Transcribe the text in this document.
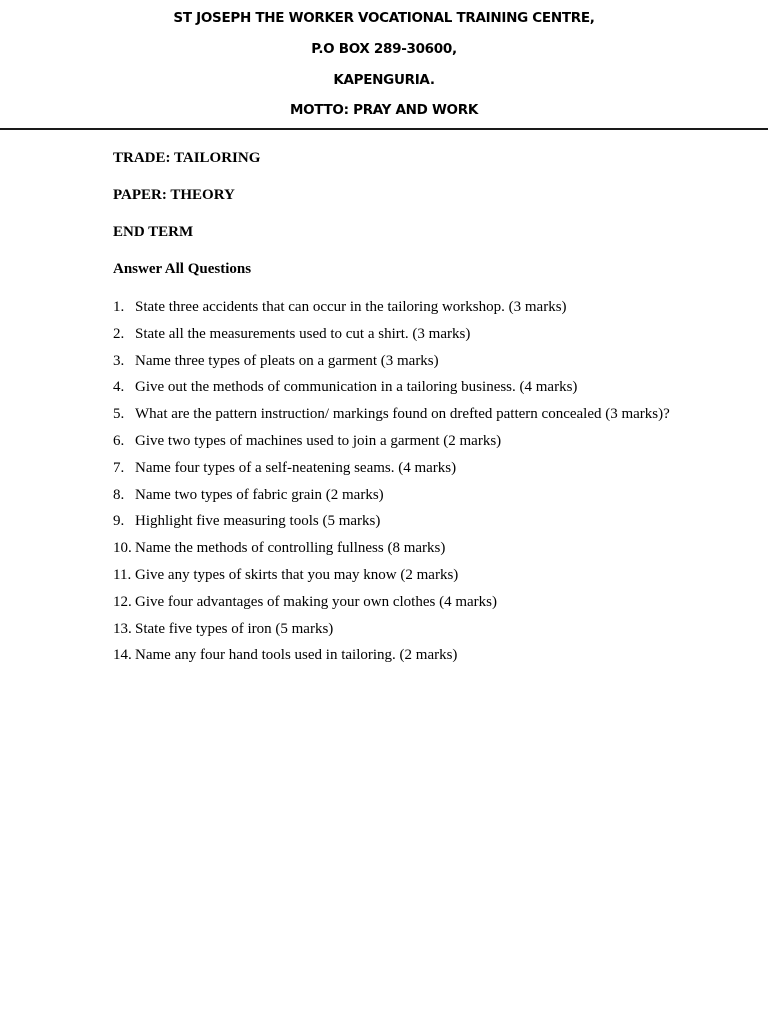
ST JOSEPH THE WORKER VOCATIONAL TRAINING CENTRE,
P.O BOX 289-30600,
KAPENGURIA.
MOTTO: PRAY AND WORK
TRADE: TAILORING
PAPER: THEORY
END TERM
Answer All Questions
1. State three accidents that can occur in the tailoring workshop. (3 marks)
2. State all the measurements used to cut a shirt. (3 marks)
3. Name three types of pleats on a garment (3 marks)
4. Give out the methods of communication in a tailoring business. (4 marks)
5. What are the pattern instruction/ markings found on drefted pattern concealed (3 marks)?
6. Give two types of machines used to join a garment (2 marks)
7. Name four types of a self-neatening seams. (4 marks)
8. Name two types of fabric grain (2 marks)
9. Highlight five measuring tools (5 marks)
10. Name the methods of controlling fullness (8 marks)
11. Give any types of skirts that you may know (2 marks)
12. Give four advantages of making your own clothes (4 marks)
13. State five types of iron (5 marks)
14. Name any four hand tools used in tailoring. (2 marks)
